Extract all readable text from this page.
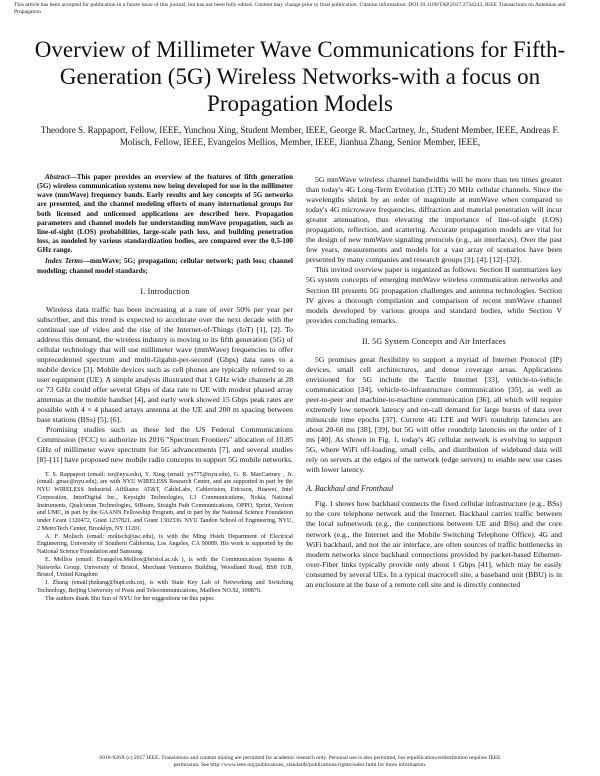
This article has been accepted for publication in a future issue of this journal, but has not been fully edited. Content may change prior to final publication. Citation information: DOI 10.1109/TAP.2017.2734243, IEEE Transactions on Antennas and Propagation
Overview of Millimeter Wave Communications for Fifth-Generation (5G) Wireless Networks-with a focus on Propagation Models
Theodore S. Rappaport, Fellow, IEEE, Yunchou Xing, Student Member, IEEE, George R. MacCartney, Jr., Student Member, IEEE, Andreas F. Molisch, Fellow, IEEE, Evangelos Mellios, Member, IEEE, Jianhua Zhang, Senior Member, IEEE,

Abstract—This paper provides an overview of the features of fifth generation (5G) wireless communication systems now being developed for use in the millimeter wave (mmWave) frequency bands. Early results and key concepts of 5G networks are presented, and the channel modeling efforts of many international groups for both licensed and unlicensed applications are described here. Propagation parameters and channel models for understanding mmWave propagation, such as line-of-sight (LOS) probabilities, large-scale path loss, and building penetration loss, as modeled by various standardization bodies, are compared over the 0.5-100 GHz range.

Index Terms—mmWave; 5G; propagation; cellular network; path loss; channel modeling; channel model standards;

I. Introduction

Wireless data traffic has been increasing at a rate of over 50% per year per subscriber, and this trend is expected to accelerate over the next decade with the continual use of video and the rise of the Internet-of-Things (IoT) [1], [2]. To address this demand, the wireless industry is moving to its fifth generation (5G) of cellular technology that will use millimeter wave (mmWave) frequencies to offer unprecedented spectrum and multi-Gigabit-per-second (Gbps) data rates to a mobile device [3]. Mobile devices such as cell phones are typically referred to as user equipment (UE). A simple analysis illustrated that 1 GHz wide channels at 28 or 73 GHz could offer several Gbps of data rate to UE with modest phased array antennas at the mobile handset [4], and early work showed 15 Gbps peak rates are possible with 4 × 4 phased arrays antenna at the UE and 200 m spacing between base stations (BSs) [5], [6].

Promising studies such as these led the US Federal Communications Commission (FCC) to authorize its 2016 "Spectrum Frontiers" allocation of 10.85 GHz of millimeter wave spectrum for 5G advancements [7], and several studies [8]–[11] have proposed new mobile radio concepts to support 5G mobile networks.

T. S. Rappaport (email: tsr@nyu.edu), Y. Xing (email: yx775@nyu.edu), G. R. MacCartney , Jr. (email: gmac@nyu.edu), are with NYU WIRELESS Research Center, and are supported in part by the NYU WIRELESS Industrial Affiliates: AT&T, CableLabs, Cablevision, Ericsson, Huawei, Intel Corporation, InterDigital Inc., Keysight Technologies, L3 Communications, Nokia, National Instruments, Qualcomm Technologies, SiBeam, Straight Path Communications, OPPO, Sprint, Verizon and UMC, in part by the GAANN Fellowship Program, and in part by the National Science Foundation under Grant 1320472, Grant 1237821, and Grant 1302336. NYU Tandon School of Engineering, NYU, 2 MetroTech Center, Brooklyn, NY 11201.

A. F. Molisch (email: molisch@usc.edu), is with the Ming Hsieh Department of Electrical Engineering, University of Southern California, Los Angeles, CA 90089. His work is supported by the National Science Foundation and Samsung.

E. Mellios (email: Evangelos.Mellios@bristol.ac.uk ), is with the Communication Systems & Networks Group, University of Bristol, Merchant Venturers Building, Woodland Road, BS8 1UB, Bristol, United Kingdom

J. Zhang (email:jhzhang@bupt.edu.cn), is with State Key Lab of Networking and Switching Technology, Beijing University of Posts and Telecommunications, Mailbox NO.92, 100876.

The authors thank Shu Sun of NYU for her suggestions on this paper.

5G mmWave wireless channel bandwidths will be more than ten times greater than today's 4G Long-Term Evolution (LTE) 20 MHz cellular channels. Since the wavelengths shrink by an order of magnitude at mmWave when compared to today's 4G microwave frequencies, diffraction and material penetration will incur greater attenuation, thus elevating the importance of line-of-sight (LOS) propagation, reflection, and scattering. Accurate propagation models are vital for the design of new mmWave signaling protocols (e.g., air interfaces). Over the past few years, measurements and models for a vast array of scenarios have been presented by many companies and research groups [3], [4], [12]–[32].

This invited overview paper is organized as follows: Section II summarizes key 5G system concepts of emerging mmWave wireless communication networks and Section III presents 5G propagation challenges and antenna technologies. Section IV gives a thorough compilation and comparison of recent mmWave channel models developed by various groups and standard bodies, while Section V provides concluding remarks.

II. 5G System Concepts and Air Interfaces

5G promises great flexibility to support a myriad of Internet Protocol (IP) devices, small cell architectures, and dense coverage areas. Applications envisioned for 5G include the Tactile Internet [33], vehicle-to-vehicle communication [34], vehicle-to-infrastructure communication [35], as well as peer-to-peer and machine-to-machine communication [36], all which will require extremely low network latency and on-call demand for large bursts of data over minuscule time epochs [37]. Current 4G LTE and WiFi roundtrip latencies are about 20-60 ms [38], [39], but 5G will offer roundtrip latencies on the order of 1 ms [40]. As shown in Fig. 1, today's 4G cellular network is evolving to support 5G, where WiFi off-loading, small cells, and distribution of wideband data will rely on servers at the edges of the network (edge servers) to enable new use cases with lower latency.

A. Backhaul and Fronthaul

Fig. 1 shows how backhaul connects the fixed cellular infrastructure (e.g., BSs) to the core telephone network and the Internet. Backhaul carries traffic between the local subnetwork (e.g., the connections between UE and BSs) and the core network (e.g., the Internet and the Mobile Switching Telephone Office). 4G and WiFi backhaul, and not the air interface, are often sources of traffic bottlenecks in modern networks since backhaul connections provided by packet-based Ethernet-over-Fiber links typically provide only about 1 Gbps [41], which may be easily consumed by several UEs. In a typical macrocell site, a baseband unit (BBU) is in an enclosure at the base of a remote cell site and is directly connected

0018-926X (c) 2017 IEEE. Translations and content mining are permitted for academic research only. Personal use is also permitted, but republication/redistribution requires IEEE permission. See http://www.ieee.org/publications_standards/publications/rights/index.html for more information.
